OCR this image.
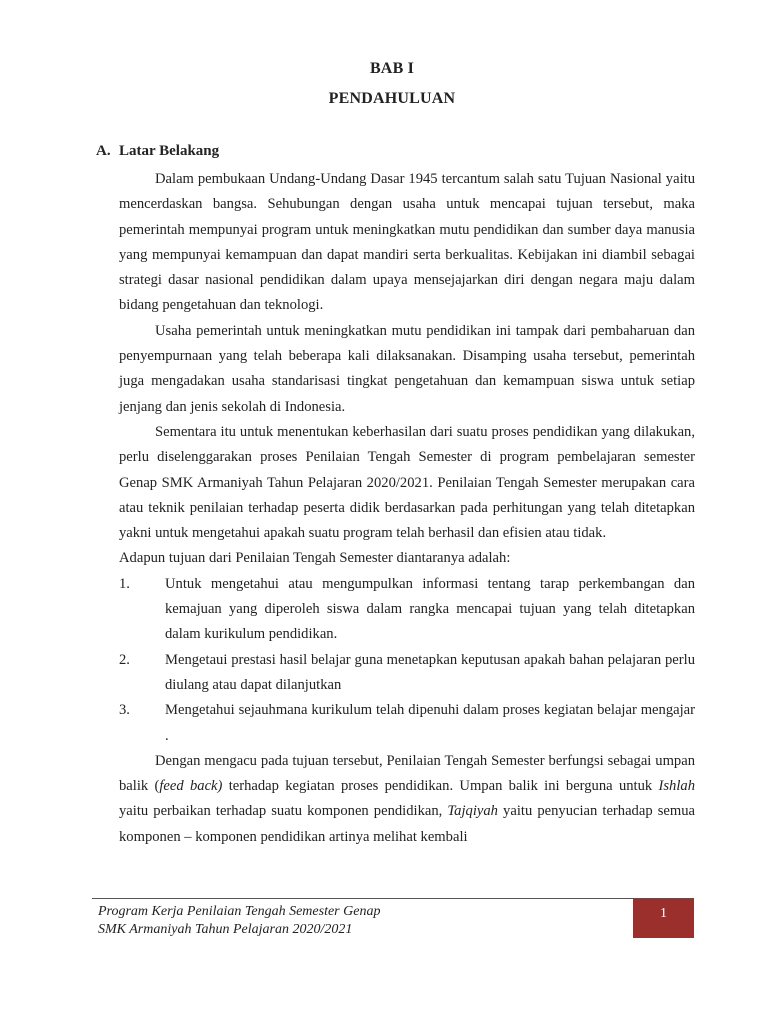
BAB I
PENDAHULUAN
A. Latar Belakang

Dalam pembukaan Undang-Undang Dasar 1945 tercantum salah satu Tujuan Nasional yaitu mencerdaskan bangsa. Sehubungan dengan usaha untuk mencapai tujuan tersebut, maka pemerintah mempunyai program untuk meningkatkan mutu pendidikan dan sumber daya manusia yang mempunyai kemampuan dan dapat mandiri serta berkualitas. Kebijakan ini diambil sebagai strategi dasar nasional pendidikan dalam upaya mensejajarkan diri dengan negara maju dalam bidang pengetahuan dan teknologi.

Usaha pemerintah untuk meningkatkan mutu pendidikan ini tampak dari pembaharuan dan penyempurnaan yang telah beberapa kali dilaksanakan. Disamping usaha tersebut, pemerintah juga mengadakan usaha standarisasi tingkat pengetahuan dan kemampuan siswa untuk setiap jenjang dan jenis sekolah di Indonesia.

Sementara itu untuk menentukan keberhasilan dari suatu proses pendidikan yang dilakukan, perlu diselenggarakan proses Penilaian Tengah Semester di program pembelajaran semester Genap SMK Armaniyah Tahun Pelajaran 2020/2021. Penilaian Tengah Semester merupakan cara atau teknik penilaian terhadap peserta didik berdasarkan pada perhitungan yang telah ditetapkan yakni untuk mengetahui apakah suatu program telah berhasil dan efisien atau tidak.

Adapun tujuan dari Penilaian Tengah Semester diantaranya adalah:

1. Untuk mengetahui atau mengumpulkan informasi tentang tarap perkembangan dan kemajuan yang diperoleh siswa dalam rangka mencapai tujuan yang telah ditetapkan dalam kurikulum pendidikan.
2. Mengetaui prestasi hasil belajar guna menetapkan keputusan apakah bahan pelajaran perlu diulang atau dapat dilanjutkan
3. Mengetahui sejauhmana kurikulum telah dipenuhi dalam proses kegiatan belajar mengajar .

Dengan mengacu pada tujuan tersebut, Penilaian Tengah Semester berfungsi sebagai umpan balik (feed back) terhadap kegiatan proses pendidikan. Umpan balik ini berguna untuk Ishlah yaitu perbaikan terhadap suatu komponen pendidikan, Tajqiyah yaitu penyucian terhadap semua komponen – komponen pendidikan artinya melihat kembali

Program Kerja Penilaian Tengah Semester Genap
SMK Armaniyah Tahun Pelajaran 2020/2021
1
